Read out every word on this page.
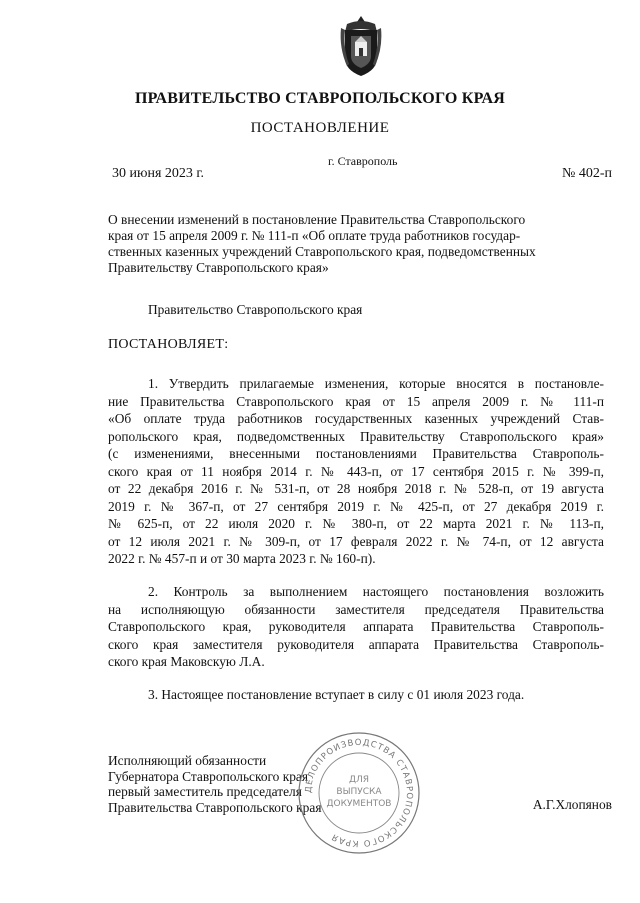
ПРАВИТЕЛЬСТВО СТАВРОПОЛЬСКОГО КРАЯ
ПОСТАНОВЛЕНИЕ
г. Ставрополь
30 июня 2023 г.	№ 402-п
О внесении изменений в постановление Правительства Ставропольского
края от 15 апреля 2009 г. № 111-п «Об оплате труда работников государ-
ственных казенных учреждений Ставропольского края, подведомственных
Правительству Ставропольского края»
Правительство Ставропольского края
ПОСТАНОВЛЯЕТ:
1. Утвердить прилагаемые изменения, которые вносятся в постановле-
ние Правительства Ставропольского края от 15 апреля 2009 г. № 111-п
«Об оплате труда работников государственных казенных учреждений Став-
ропольского края, подведомственных Правительству Ставропольского края»
(с изменениями, внесенными постановлениями Правительства Ставрополь-
ского края от 11 ноября 2014 г. № 443-п, от 17 сентября 2015 г. № 399-п,
от 22 декабря 2016 г. № 531-п, от 28 ноября 2018 г. № 528-п, от 19 августа
2019 г. № 367-п, от 27 сентября 2019 г. № 425-п, от 27 декабря 2019 г.
№ 625-п, от 22 июля 2020 г. № 380-п, от 22 марта 2021 г. № 113-п,
от 12 июля 2021 г. № 309-п, от 17 февраля 2022 г. № 74-п, от 12 августа
2022 г. № 457-п и от 30 марта 2023 г. № 160-п).
2. Контроль за выполнением настоящего постановления возложить
на исполняющую обязанности заместителя председателя Правительства
Ставропольского края, руководителя аппарата Правительства Ставрополь-
ского края заместителя руководителя аппарата Правительства Ставрополь-
ского края Маковскую Л.А.
3. Настоящее постановление вступает в силу с 01 июля 2023 года.
Исполняющий обязанности
Губернатора Ставропольского края
первый заместитель председателя
Правительства Ставропольского края	А.Г.Хлопянов
ДЕЛОПРОИЗВОДСТВА СТАВРОПОЛЬСКОГО КРАЯ
ДЛЯ
ВЫПУСКА
ДОКУМЕНТОВ
